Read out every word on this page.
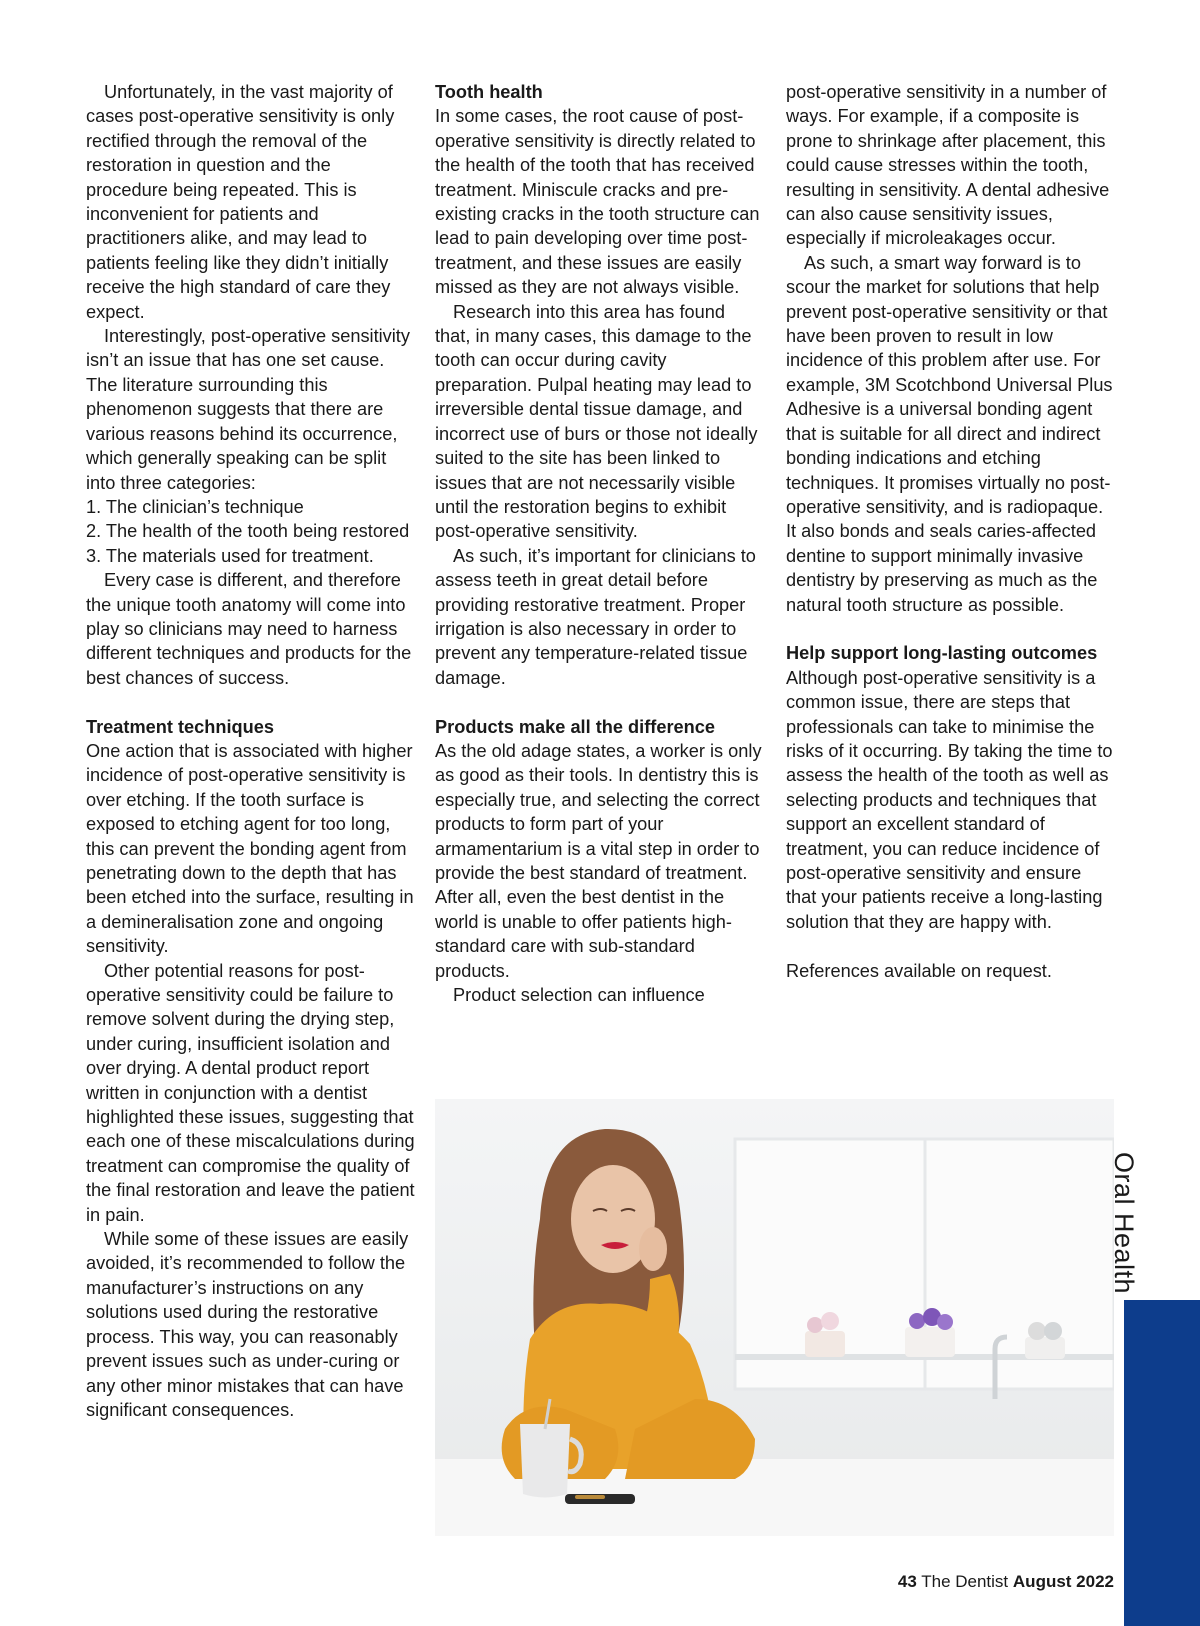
Unfortunately, in the vast majority of cases post-operative sensitivity is only rectified through the removal of the restoration in question and the procedure being repeated. This is inconvenient for patients and practitioners alike, and may lead to patients feeling like they didn’t initially receive the high standard of care they expect.

Interestingly, post-operative sensitivity isn’t an issue that has one set cause. The literature surrounding this phenomenon suggests that there are various reasons behind its occurrence, which generally speaking can be split into three categories:

1. The clinician’s technique

2. The health of the tooth being restored

3. The materials used for treatment.

Every case is different, and therefore the unique tooth anatomy will come into play so clinicians may need to harness different techniques and products for the best chances of success.

Treatment techniques

One action that is associated with higher incidence of post-operative sensitivity is over etching. If the tooth surface is exposed to etching agent for too long, this can prevent the bonding agent from penetrating down to the depth that has been etched into the surface, resulting in a demineralisation zone and ongoing sensitivity.

Other potential reasons for post-operative sensitivity could be failure to remove solvent during the drying step, under curing, insufficient isolation and over drying. A dental product report written in conjunction with a dentist highlighted these issues, suggesting that each one of these miscalculations during treatment can compromise the quality of the final restoration and leave the patient in pain.

While some of these issues are easily avoided, it’s recommended to follow the manufacturer’s instructions on any solutions used during the restorative process. This way, you can reasonably prevent issues such as under-curing or any other minor mistakes that can have significant consequences.

Tooth health

In some cases, the root cause of post-operative sensitivity is directly related to the health of the tooth that has received treatment. Miniscule cracks and pre-existing cracks in the tooth structure can lead to pain developing over time post-treatment, and these issues are easily missed as they are not always visible.

Research into this area has found that, in many cases, this damage to the tooth can occur during cavity preparation. Pulpal heating may lead to irreversible dental tissue damage, and incorrect use of burs or those not ideally suited to the site has been linked to issues that are not necessarily visible until the restoration begins to exhibit post-operative sensitivity.

As such, it’s important for clinicians to assess teeth in great detail before providing restorative treatment. Proper irrigation is also necessary in order to prevent any temperature-related tissue damage.

Products make all the difference

As the old adage states, a worker is only as good as their tools. In dentistry this is especially true, and selecting the correct products to form part of your armamentarium is a vital step in order to provide the best standard of treatment. After all, even the best dentist in the world is unable to offer patients high-standard care with sub-standard products.

Product selection can influence

post-operative sensitivity in a number of ways. For example, if a composite is prone to shrinkage after placement, this could cause stresses within the tooth, resulting in sensitivity. A dental adhesive can also cause sensitivity issues, especially if microleakages occur.

As such, a smart way forward is to scour the market for solutions that help prevent post-operative sensitivity or that have been proven to result in low incidence of this problem after use. For example, 3M Scotchbond Universal Plus Adhesive is a universal bonding agent that is suitable for all direct and indirect bonding indications and etching techniques. It promises virtually no post-operative sensitivity, and is radiopaque. It also bonds and seals caries-affected dentine to support minimally invasive dentistry by preserving as much as the natural tooth structure as possible.

Help support long-lasting outcomes

Although post-operative sensitivity is a common issue, there are steps that professionals can take to minimise the risks of it occurring. By taking the time to assess the health of the tooth as well as selecting products and techniques that support an excellent standard of treatment, you can reduce incidence of post-operative sensitivity and ensure that your patients receive a long-lasting solution that they are happy with.

References available on request.

Oral Health
43 The Dentist August 2022
